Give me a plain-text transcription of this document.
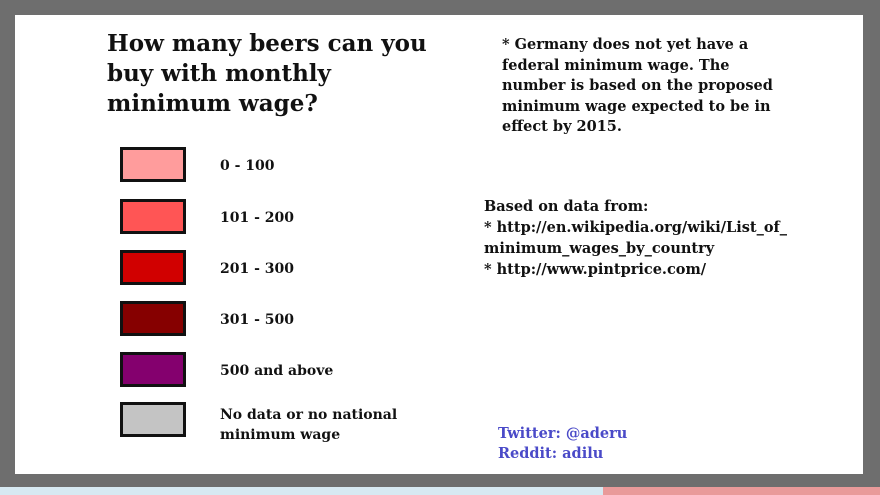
How many beers can you
buy with monthly
minimum wage?
0 - 100
101 - 200
201 - 300
301 - 500
500 and above
No data or no national
minimum wage
* Germany does not yet have a
federal minimum wage. The
number is based on the proposed
minimum wage expected to be in
effect by 2015.
Based on data from:
* http://en.wikipedia.org/wiki/List_of_
minimum_wages_by_country
* http://www.pintprice.com/
Twitter: @aderu
Reddit: adilu
